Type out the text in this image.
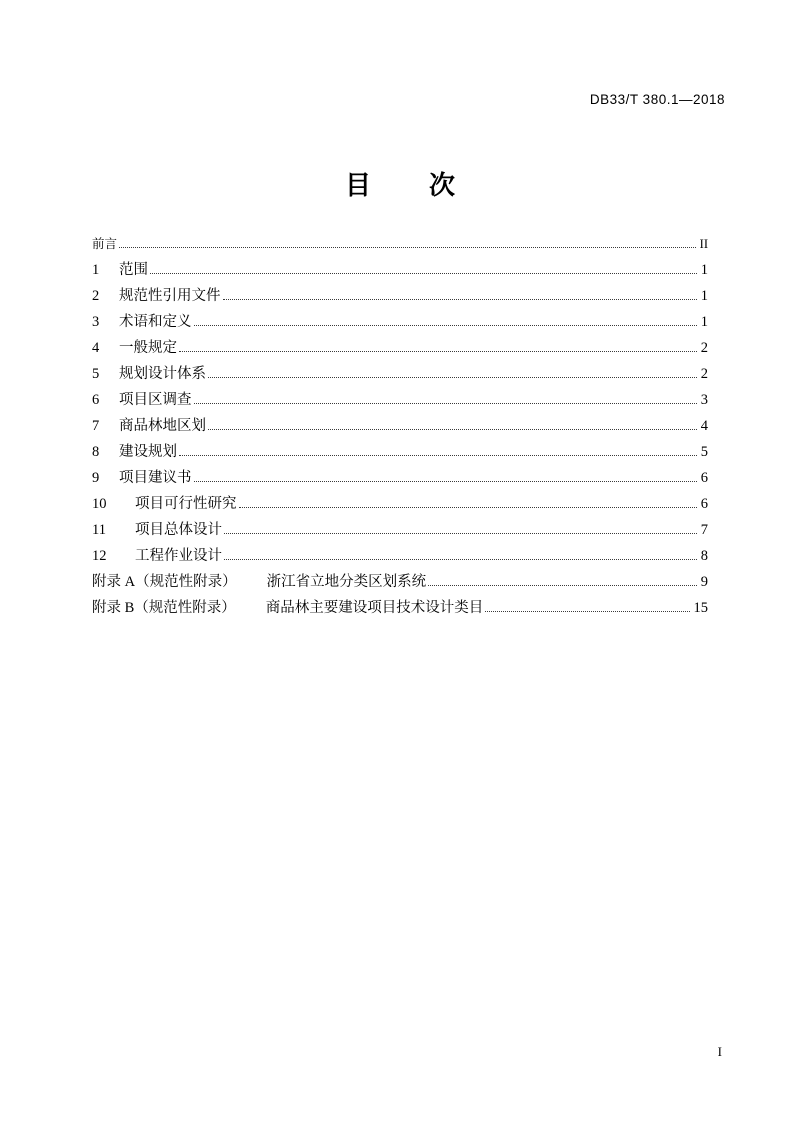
DB33/T 380.1—2018
目　次
前言	II
1	范围	1
2	规范性引用文件	1
3	术语和定义	1
4	一般规定	2
5	规划设计体系	2
6	项目区调查	3
7	商品林地区划	4
8	建设规划	5
9	项目建议书	6
10	项目可行性研究	6
11	项目总体设计	7
12	工程作业设计	8
附录 A（规范性附录）	浙江省立地分类区划系统	9
附录 B（规范性附录）	商品林主要建设项目技术设计类目	15
I
